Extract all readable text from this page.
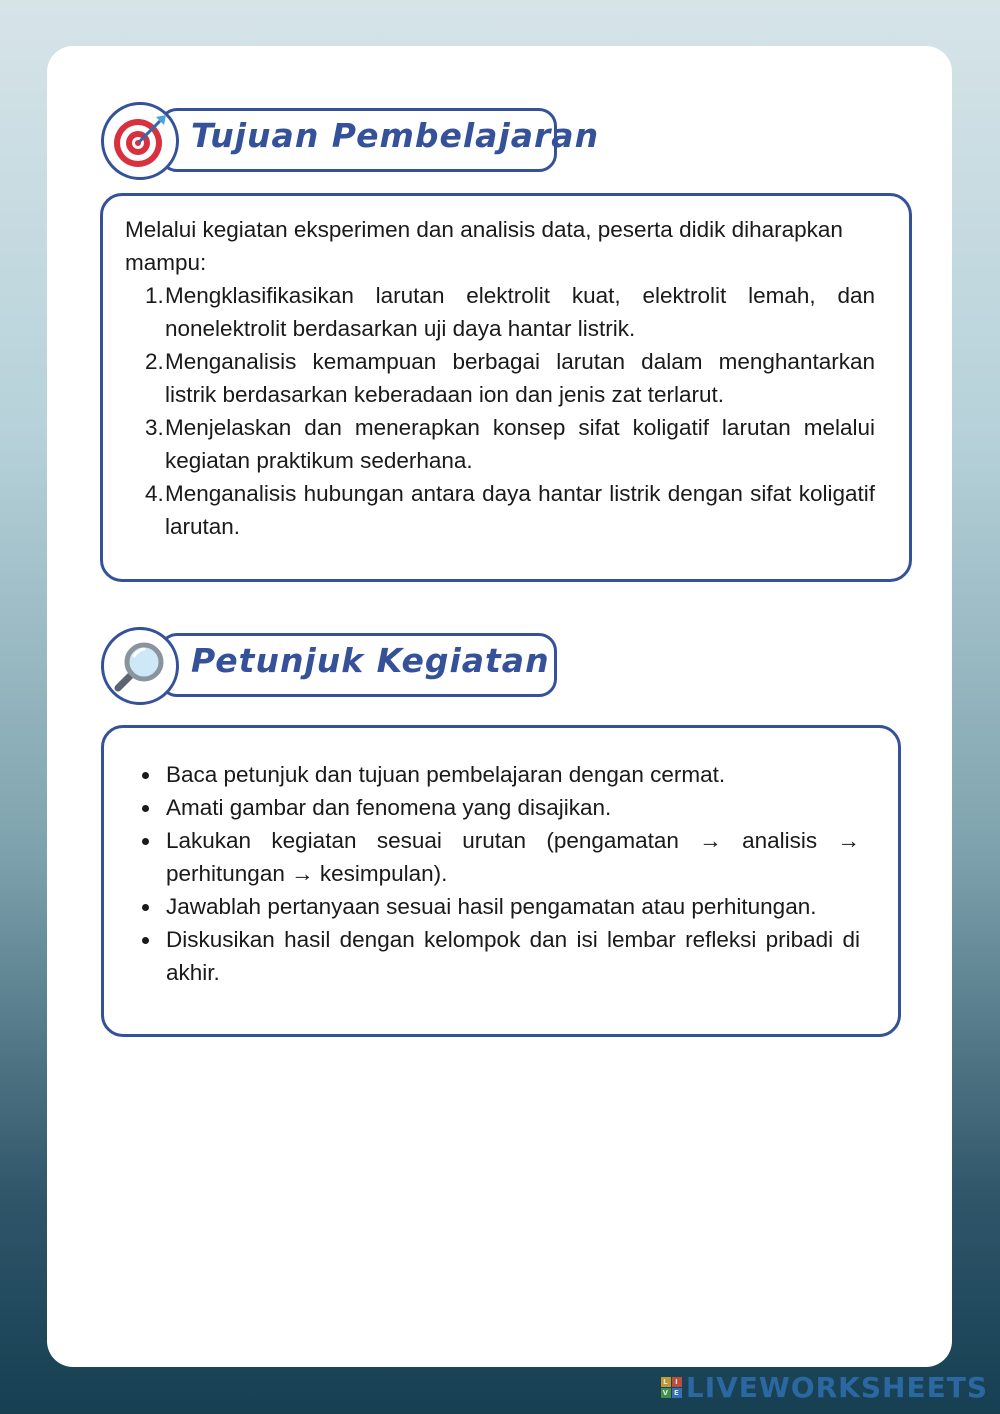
Tujuan Pembelajaran

Melalui kegiatan eksperimen dan analisis data, peserta didik diharapkan mampu:

1. Mengklasifikasikan larutan elektrolit kuat, elektrolit lemah, dan nonelektrolit berdasarkan uji daya hantar listrik.
2. Menganalisis kemampuan berbagai larutan dalam menghantarkan listrik berdasarkan keberadaan ion dan jenis zat terlarut.
3. Menjelaskan dan menerapkan konsep sifat koligatif larutan melalui kegiatan praktikum sederhana.
4. Menganalisis hubungan antara daya hantar listrik dengan sifat koligatif larutan.
Petunjuk Kegiatan
Baca petunjuk dan tujuan pembelajaran dengan cermat.
Amati gambar dan fenomena yang disajikan.
Lakukan kegiatan sesuai urutan (pengamatan → analisis → perhitungan → kesimpulan).
Jawablah pertanyaan sesuai hasil pengamatan atau perhitungan.
Diskusikan hasil dengan kelompok dan isi lembar refleksi pribadi di akhir.
L I
V E LIVEWORKSHEETS
